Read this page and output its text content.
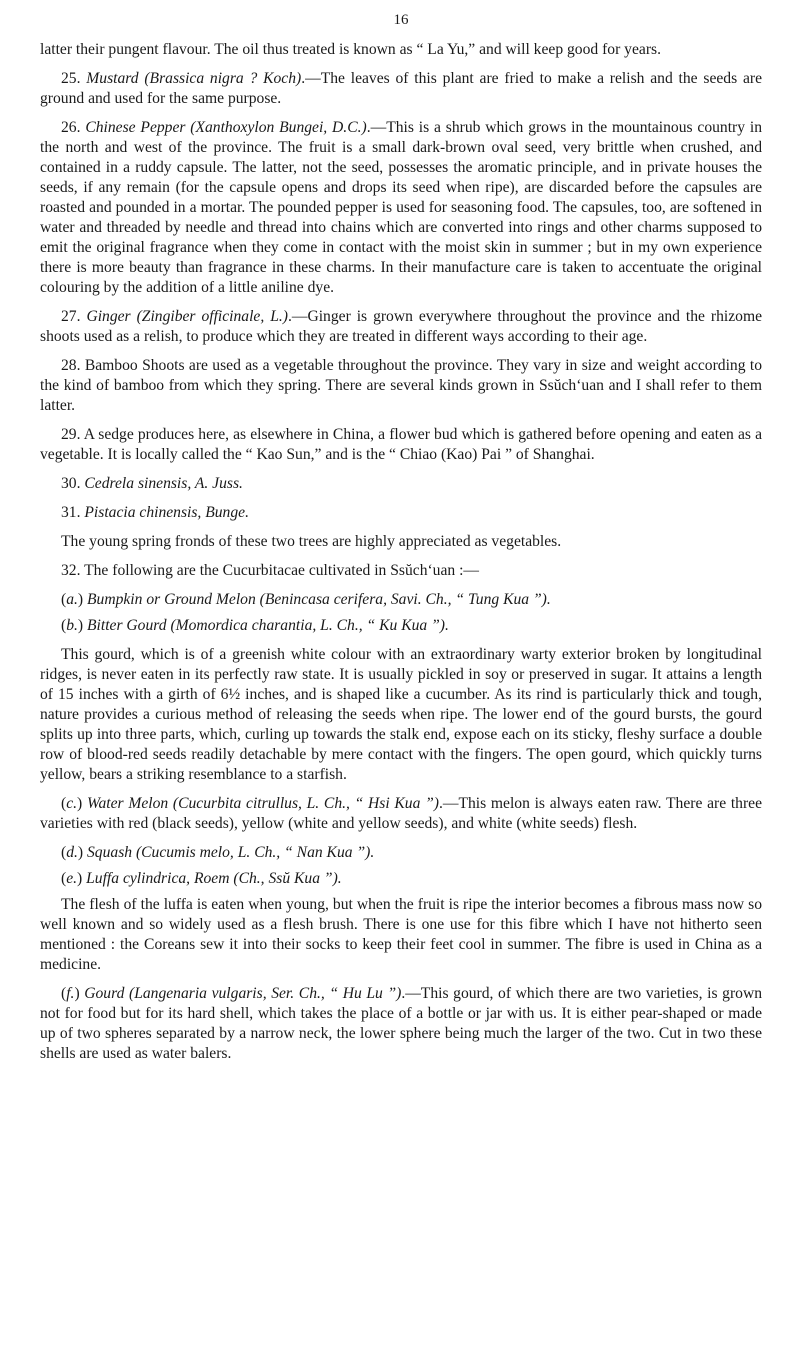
16

latter their pungent flavour. The oil thus treated is known as “ La Yu,” and will keep good for years.

25. Mustard (Brassica nigra ? Koch).—The leaves of this plant are fried to make a relish and the seeds are ground and used for the same purpose.

26. Chinese Pepper (Xanthoxylon Bungei, D.C.).—This is a shrub which grows in the mountainous country in the north and west of the province. The fruit is a small dark-brown oval seed, very brittle when crushed, and contained in a ruddy capsule. The latter, not the seed, possesses the aromatic principle, and in private houses the seeds, if any remain (for the capsule opens and drops its seed when ripe), are discarded before the capsules are roasted and pounded in a mortar. The pounded pepper is used for seasoning food. The capsules, too, are softened in water and threaded by needle and thread into chains which are converted into rings and other charms supposed to emit the original fragrance when they come in contact with the moist skin in summer ; but in my own experience there is more beauty than fragrance in these charms. In their manufacture care is taken to accentuate the original colouring by the addition of a little aniline dye.

27. Ginger (Zingiber officinale, L.).—Ginger is grown everywhere throughout the province and the rhizome shoots used as a relish, to produce which they are treated in different ways according to their age.

28. Bamboo Shoots are used as a vegetable throughout the province. They vary in size and weight according to the kind of bamboo from which they spring. There are several kinds grown in Ssŭch‘uan and I shall refer to them latter.

29. A sedge produces here, as elsewhere in China, a flower bud which is gathered before opening and eaten as a vegetable. It is locally called the “ Kao Sun,” and is the “ Chiao (Kao) Pai ” of Shanghai.

30. Cedrela sinensis, A. Juss.

31. Pistacia chinensis, Bunge.

The young spring fronds of these two trees are highly appreciated as vegetables.

32. The following are the Cucurbitacae cultivated in Ssŭch‘uan :—

(a.) Bumpkin or Ground Melon (Benincasa cerifera, Savi. Ch., “ Tung Kua ”).

(b.) Bitter Gourd (Momordica charantia, L. Ch., “ Ku Kua ”).

This gourd, which is of a greenish white colour with an extraordinary warty exterior broken by longitudinal ridges, is never eaten in its perfectly raw state. It is usually pickled in soy or preserved in sugar. It attains a length of 15 inches with a girth of 6½ inches, and is shaped like a cucumber. As its rind is particularly thick and tough, nature provides a curious method of releasing the seeds when ripe. The lower end of the gourd bursts, the gourd splits up into three parts, which, curling up towards the stalk end, expose each on its sticky, fleshy surface a double row of blood-red seeds readily detachable by mere contact with the fingers. The open gourd, which quickly turns yellow, bears a striking resemblance to a starfish.

(c.) Water Melon (Cucurbita citrullus, L. Ch., “ Hsi Kua ”).—This melon is always eaten raw. There are three varieties with red (black seeds), yellow (white and yellow seeds), and white (white seeds) flesh.

(d.) Squash (Cucumis melo, L. Ch., “ Nan Kua ”).

(e.) Luffa cylindrica, Roem (Ch., Ssŭ Kua ”).

The flesh of the luffa is eaten when young, but when the fruit is ripe the interior becomes a fibrous mass now so well known and so widely used as a flesh brush. There is one use for this fibre which I have not hitherto seen mentioned : the Coreans sew it into their socks to keep their feet cool in summer. The fibre is used in China as a medicine.

(f.) Gourd (Langenaria vulgaris, Ser. Ch., “ Hu Lu ”).—This gourd, of which there are two varieties, is grown not for food but for its hard shell, which takes the place of a bottle or jar with us. It is either pear-shaped or made up of two spheres separated by a narrow neck, the lower sphere being much the larger of the two. Cut in two these shells are used as water balers.
